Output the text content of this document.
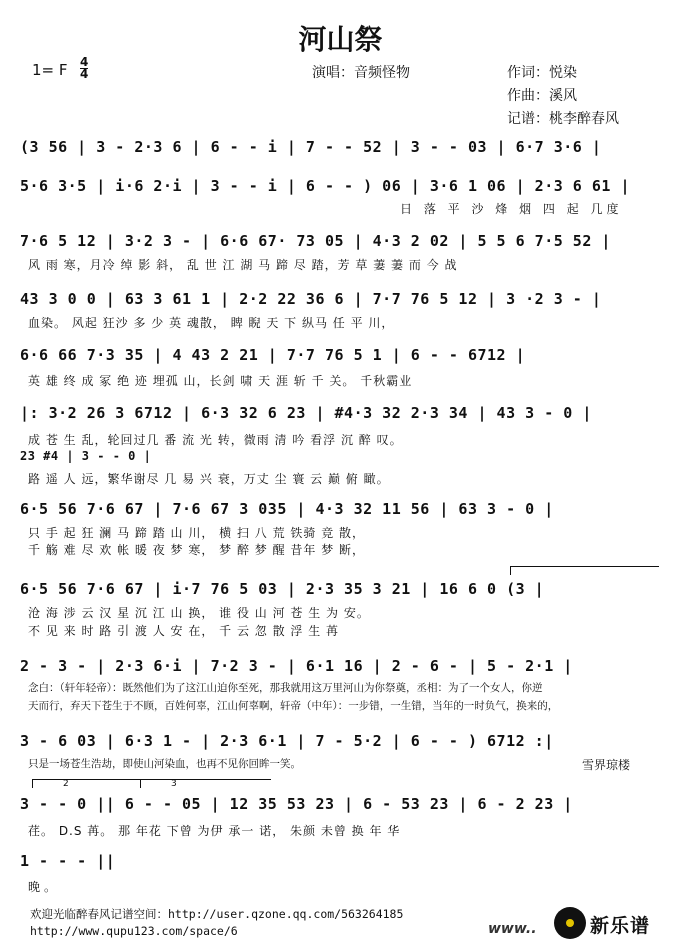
河山祭
1= F 4
4	演唱：音频怪物	作词：悦染
作曲：溪风
记谱：桃李醉春风
(3 56 | 3 - 2·3 6 | 6 - - i | 7 - - 52 | 3 - - 03 | 6·7 3·6 |
5·6 3·5 | i·6 2·i | 3 - - i | 6 - - ) 06 | 3·6 1 06 | 2·3 6 61 |
日 落 平 沙 烽 烟 四 起 几度
7·6 5 12 | 3·2 3 - | 6·6 67· 73 05 | 4·3 2 02 | 5 5 6 7·5 52 |
风 雨 寒，月冷 绰 影 斜， 乱 世 江 湖 马 蹄 尽 踏，芳 草 萋 萋 而 今 战
43 3 0 0 | 63 3 61 1 | 2·2 22 36 6 | 7·7 76 5 12 | 3 ·2 3 - |
血染。 风起 狂沙 多 少 英 魂散， 睥 睨 天 下 纵马 任 平 川，
6·6 66 7·3 35 | 4 43 2 21 | 7·7 76 5 1 | 6 - - 6712 |
英 雄 终 成 冢 绝 迹 埋孤 山，长剑 啸 天 涯 斩 千 关。 千秋霸业
|: 3·2 26 3 6712 | 6·3 32 6 23 | #4·3 32 2·3 34 | 43 3 - 0 |
成 苍 生 乱，轮回过几 番 流 光 转，微雨 清 吟 看浮 沉 醉 叹。
23 #4 | 3 - - 0 |
路 遥 人 远，繁华谢尽 几 易 兴 衰，万丈 尘 寰 云 巅 俯 瞰。
6·5 56 7·6 67 | 7·6 67 3 035 | 4·3 32 11 56 | 63 3 - 0 |
只 手 起 狂 澜 马 蹄 踏 山 川， 横 扫 八 荒 铁骑 竞 散，
千 觞 难 尽 欢 帐 暖 夜 梦 寒， 梦 醉 梦 醒 昔年 梦 断，
6·5 56 7·6 67 | i·7 76 5 03 | 2·3 35 3 21 | 16 6 0 (3 |
沧 海 涉 云 汉 星 沉 江 山 换， 谁 役 山 河 苍 生 为 安。
不 见 来 时 路 引 渡 人 安 在， 千 云 忽 散 浮 生 苒
2 - 3 - | 2·3 6·i | 7·2 3 - | 6·1 16 | 2 - 6 - | 5 - 2·1 |
念白：（轩年轻帝）：既然他们为了这江山迫你至死，那我就用这万里河山为你祭奠，丞相：为了一个女人，你逆
天而行，弃天下苍生于不顾，百姓何辜，江山何辜啊，轩帝（中年）：一步错，一生错，当年的一时负气，换来的，
3 - 6 03 | 6·3 1 - | 2·3 6·1 | 7 - 5·2 | 6 - - ) 6712 :|
只是一场苍生浩劫，即使山河染血，也再不见你回眸一笑。	雪界琼楼
2	3
3 - - 0 || 6 - - 05 | 12 35 53 23 | 6 - 53 23 | 6 - 2 23 |
荏。 D.S 苒。 那 年花 下曾 为伊 承一 诺， 朱颜 未曾 换 年 华
1 - - - ||
晚。
欢迎光临醉春风记谱空间：http://user.qzone.qq.com/563264185
http://www.qupu123.com/space/6	www..	新乐谱
